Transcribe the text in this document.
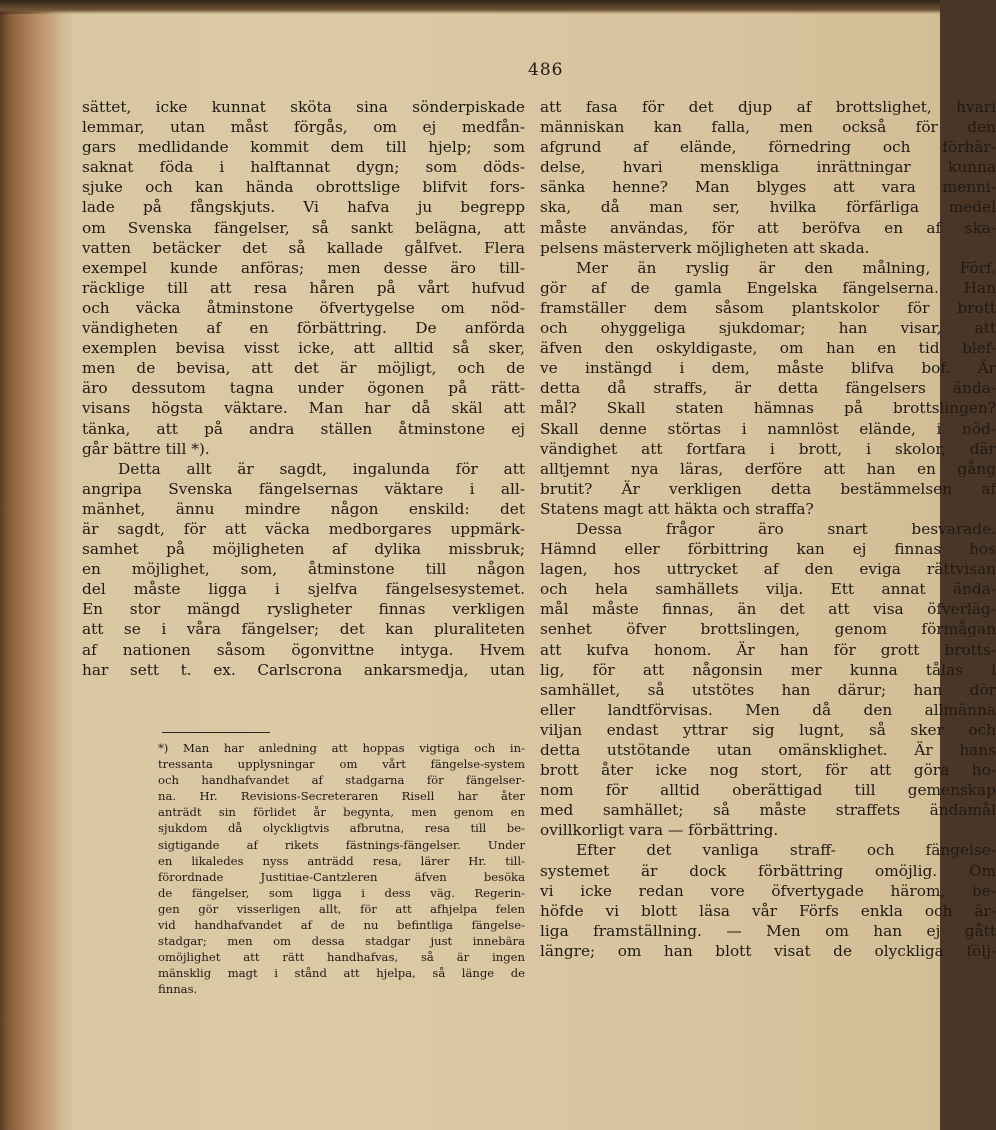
486
sättet, icke kunnat sköta sina sönderpiskade
lemmar, utan måst förgås, om ej medfån-
gars medlidande kommit dem till hjelp; som
saknat föda i halftannat dygn; som döds-
sjuke och kan hända obrottslige blifvit fors-
lade på fångskjuts. Vi hafva ju begrepp
om Svenska fängelser, så sankt belägna, att
vatten betäcker det så kallade gålfvet. Flera
exempel kunde anföras; men desse äro till-
räcklige till att resa håren på vårt hufvud
och väcka åtminstone öfvertygelse om nöd-
vändigheten af en förbättring. De anförda
exemplen bevisa visst icke, att alltid så sker,
men de bevisa, att det är möjligt, och de
äro dessutom tagna under ögonen på rätt-
visans högsta väktare. Man har då skäl att
tänka, att på andra ställen åtminstone ej
går bättre till *).
Detta allt är sagdt, ingalunda för att
angripa Svenska fängelsernas väktare i all-
mänhet, ännu mindre någon enskild: det
är sagdt, för att väcka medborgares uppmärk-
samhet på möjligheten af dylika missbruk;
en möjlighet, som, åtminstone till någon
del måste ligga i sjelfva fängelsesystemet.
En stor mängd rysligheter finnas verkligen
att se i våra fängelser; det kan pluraliteten
af nationen såsom ögonvittne intyga. Hvem
har sett t. ex. Carlscrona ankarsmedja, utan
*) Man har anledning att hoppas vigtiga och in-
tressanta upplysningar om vårt fängelse-system
och handhafvandet af stadgarna för fängelser-
na. Hr. Revisions-Secreteraren Risell har åter
anträdt sin förlidet år begynta, men genom en
sjukdom då olyckligtvis afbrutna, resa till be-
sigtigande af rikets fästnings-fängelser. Under
en likaledes nyss anträdd resa, lärer Hr. till-
förordnade Justitiae-Cantzleren äfven besöka
de fängelser, som ligga i dess väg. Regerin-
gen gör visserligen allt, för att afhjelpa felen
vid handhafvandet af de nu befintliga fängelse-
stadgar; men om dessa stadgar just innebära
omöjlighet att rätt handhafvas, så är ingen
mänsklig magt i stånd att hjelpa, så länge de
finnas.
att fasa för det djup af brottslighet, hvari
människan kan falla, men också för den
afgrund af elände, förnedring och förhär-
delse, hvari menskliga inrättningar kunna
sänka henne? Man blyges att vara menni-
ska, då man ser, hvilka förfärliga medel
måste användas, för att beröfva en af ska-
pelsens mästerverk möjligheten att skada.
Mer än ryslig är den målning, Förf.
gör af de gamla Engelska fängelserna. Han
framställer dem såsom plantskolor för brott
och ohyggeliga sjukdomar; han visar, att
äfven den oskyldigaste, om han en tid blef-
ve instängd i dem, måste blifva bof. Är
detta då straffs, är detta fängelsers ända-
mål? Skall staten hämnas på brottslingen?
Skall denne störtas i namnlöst elände, i nöd-
vändighet att fortfara i brott, i skolor, där
alltjemnt nya läras, derföre att han en gång
brutit? Är verkligen detta bestämmelsen af
Statens magt att häkta och straffa?
Dessa frågor äro snart besvarade.
Hämnd eller förbittring kan ej finnas hos
lagen, hos uttrycket af den eviga rättvisan
och hela samhällets vilja. Ett annat ända-
mål måste finnas, än det att visa öfverläg-
senhet öfver brottslingen, genom förmågan
att kufva honom. Är han för grott brotts-
lig, för att någonsin mer kunna tålas i
samhället, så utstötes han därur; han dör
eller landtförvisas. Men då den allmänna
viljan endast yttrar sig lugnt, så sker och
detta utstötande utan omänsklighet. Är hans
brott åter icke nog stort, för att göra ho-
nom för alltid oberättigad till gemenskap
med samhället; så måste straffets ändamål
ovillkorligt vara — förbättring.
Efter det vanliga straff- och fängelse-
systemet är dock förbättring omöjlig. Om
vi icke redan vore öfvertygade härom, be-
höfde vi blott läsa vår Förfs enkla och är-
liga framställning. — Men om han ej gått
längre; om han blott visat de olyckliga följ-
